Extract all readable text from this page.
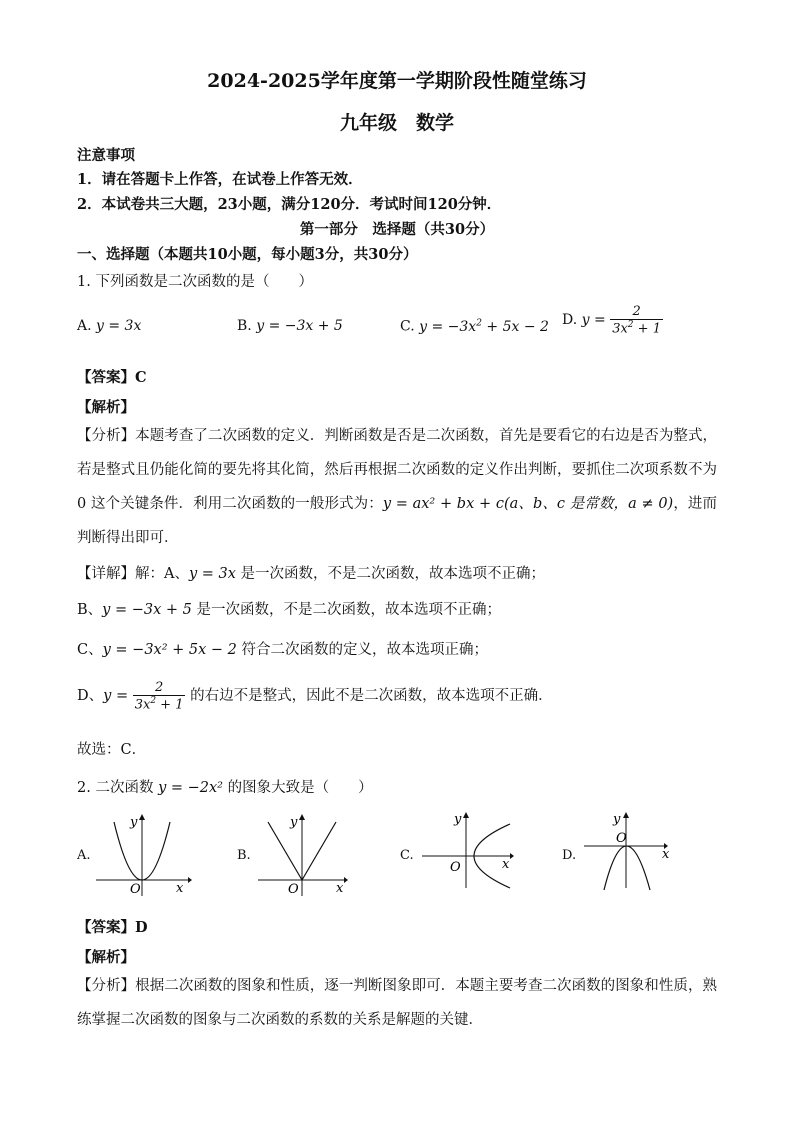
2024-2025学年度第一学期阶段性随堂练习
九年级　数学
注意事项
1．请在答题卡上作答，在试卷上作答无效．
2．本试卷共三大题，23小题，满分120分．考试时间120分钟．
第一部分　选择题（共30分）
一、选择题（本题共10小题，每小题3分，共30分）
1. 下列函数是二次函数的是（　　）
A. y = 3x	B. y = −3x + 5	C. $y = -3x^2 + 5x - 2$ D. $y = \frac{2}{3x^2 + 1}$
【答案】C
【解析】
【分析】本题考查了二次函数的定义．判断函数是否是二次函数，首先是要看它的右边是否为整式，若是整式且仍能化简的要先将其化简，然后再根据二次函数的定义作出判断，要抓住二次项系数不为 0 这个关键条件．利用二次函数的一般形式为：y = ax² + bx + c(a、b、c 是常数，a ≠ 0)，进而判断得出即可．
【详解】解：A、y = 3x 是一次函数，不是二次函数，故本选项不正确；
B、y = −3x + 5 是一次函数，不是二次函数，故本选项不正确；
C、y = −3x² + 5x − 2 符合二次函数的定义，故本选项正确；
D、$y = \frac{2}{3x^2 + 1}$ 的右边不是整式，因此不是二次函数，故本选项不正确．
故选：C．
2. 二次函数 y = −2x² 的图象大致是（　　）
A.
O	x
y
B.
O	x
y
C.
O	x
y
D.
O
x
y
【答案】D
【解析】
【分析】根据二次函数的图象和性质，逐一判断图象即可．本题主要考查二次函数的图象和性质，熟练掌握二次函数的图象与二次函数的系数的关系是解题的关键．
